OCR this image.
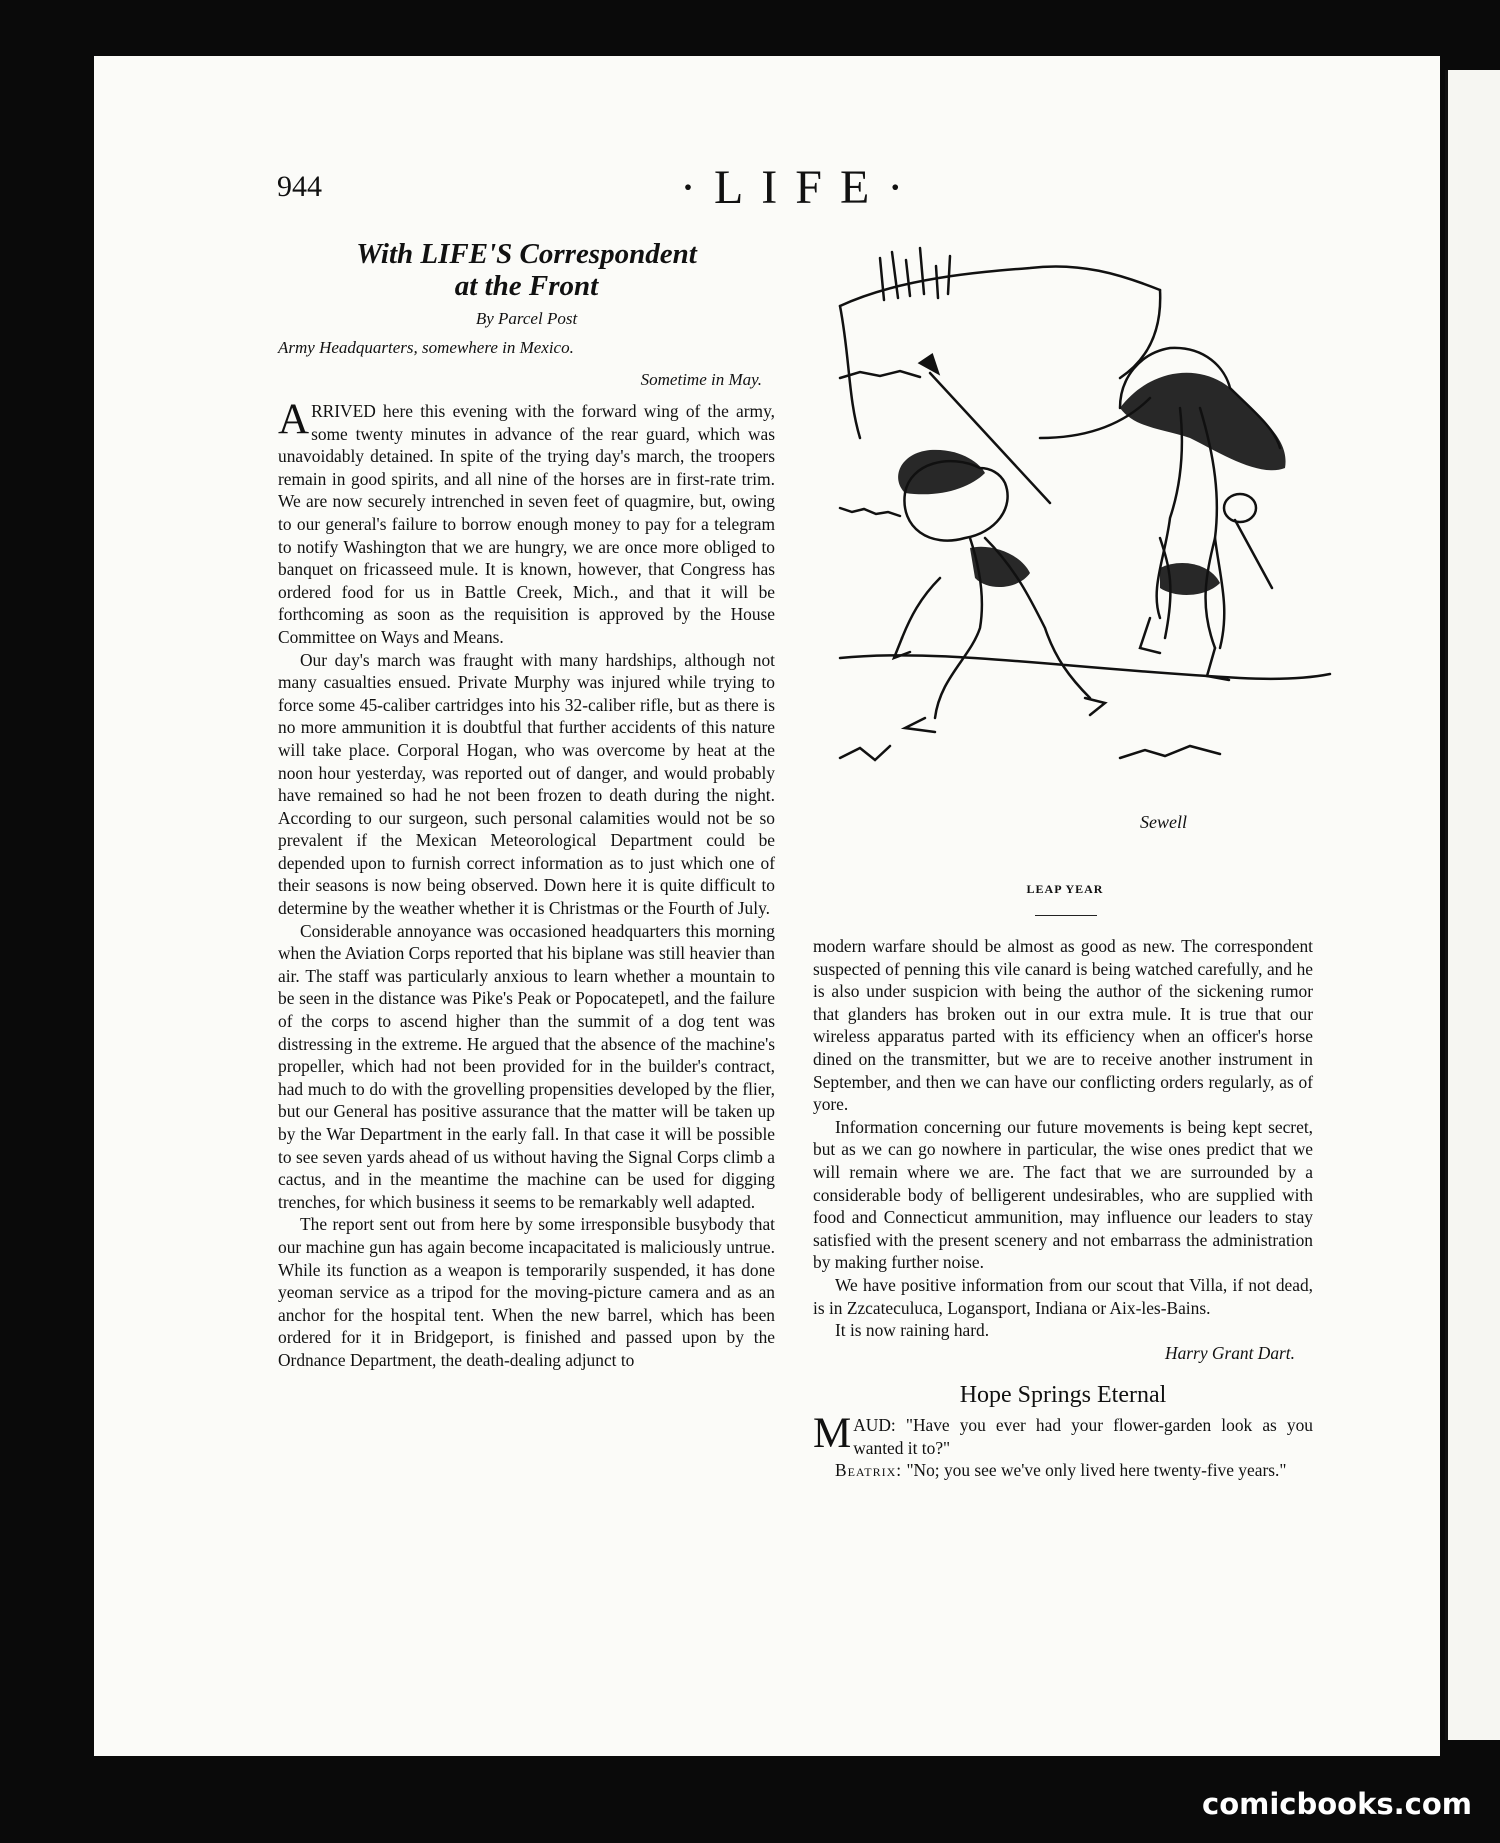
944	·LIFE·
With LIFE'S Correspondent
at the Front
By Parcel Post
Army Headquarters, somewhere in Mexico.
Sometime in May.

ARRIVED here this evening with the forward wing of the army, some twenty minutes in advance of the rear guard, which was unavoidably detained. In spite of the trying day's march, the troopers remain in good spirits, and all nine of the horses are in first-rate trim. We are now securely intrenched in seven feet of quagmire, but, owing to our general's failure to borrow enough money to pay for a telegram to notify Washington that we are hungry, we are once more obliged to banquet on fricasseed mule. It is known, however, that Congress has ordered food for us in Battle Creek, Mich., and that it will be forthcoming as soon as the requisition is approved by the House Committee on Ways and Means.

Our day's march was fraught with many hardships, although not many casualties ensued. Private Murphy was injured while trying to force some 45-caliber cartridges into his 32-caliber rifle, but as there is no more ammunition it is doubtful that further accidents of this nature will take place. Corporal Hogan, who was overcome by heat at the noon hour yesterday, was reported out of danger, and would probably have remained so had he not been frozen to death during the night. According to our surgeon, such personal calamities would not be so prevalent if the Mexican Meteorological Department could be depended upon to furnish correct information as to just which one of their seasons is now being observed. Down here it is quite difficult to determine by the weather whether it is Christmas or the Fourth of July.

Considerable annoyance was occasioned headquarters this morning when the Aviation Corps reported that his biplane was still heavier than air. The staff was particularly anxious to learn whether a mountain to be seen in the distance was Pike's Peak or Popocatepetl, and the failure of the corps to ascend higher than the summit of a dog tent was distressing in the extreme. He argued that the absence of the machine's propeller, which had not been provided for in the builder's contract, had much to do with the grovelling propensities developed by the flier, but our General has positive assurance that the matter will be taken up by the War Department in the early fall. In that case it will be possible to see seven yards ahead of us without having the Signal Corps climb a cactus, and in the meantime the machine can be used for digging trenches, for which business it seems to be remarkably well adapted.

The report sent out from here by some irresponsible busybody that our machine gun has again become incapacitated is maliciously untrue. While its function as a weapon is temporarily suspended, it has done yeoman service as a tripod for the moving-picture camera and as an anchor for the hospital tent. When the new barrel, which has been ordered for it in Bridgeport, is finished and passed upon by the Ordnance Department, the death-dealing adjunct to

Sewell
LEAP YEAR

modern warfare should be almost as good as new. The correspondent suspected of penning this vile canard is being watched carefully, and he is also under suspicion with being the author of the sickening rumor that glanders has broken out in our extra mule. It is true that our wireless apparatus parted with its efficiency when an officer's horse dined on the transmitter, but we are to receive another instrument in September, and then we can have our conflicting orders regularly, as of yore.

Information concerning our future movements is being kept secret, but as we can go nowhere in particular, the wise ones predict that we will remain where we are. The fact that we are surrounded by a considerable body of belligerent undesirables, who are supplied with food and Connecticut ammunition, may influence our leaders to stay satisfied with the present scenery and not embarrass the administration by making further noise.

We have positive information from our scout that Villa, if not dead, is in Zzcateculuca, Logansport, Indiana or Aix-les-Bains.

It is now raining hard.

Harry Grant Dart.

Hope Springs Eternal

MAUD: "Have you ever had your flower-garden look as you wanted it to?"

Beatrix: "No; you see we've only lived here twenty-five years."

comicbooks.com
